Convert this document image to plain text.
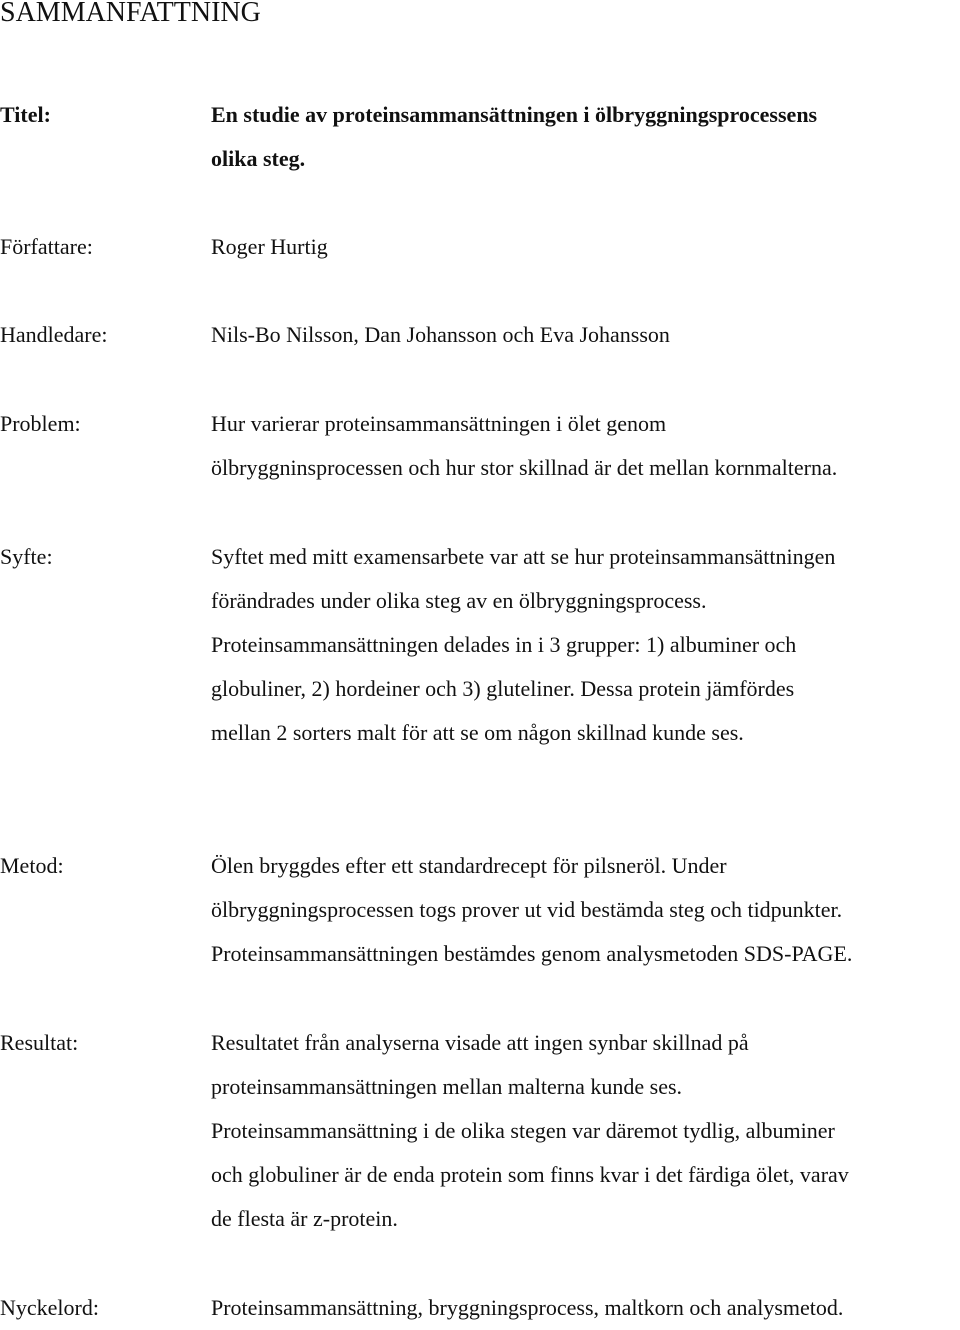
SAMMANFATTNING
Titel:	En studie av proteinsammansättningen i ölbryggningsprocessens
olika steg.
Författare:	Roger Hurtig
Handledare:	Nils-Bo Nilsson, Dan Johansson och Eva Johansson
Problem:	Hur varierar proteinsammansättningen i ölet genom
ölbryggninsprocessen och hur stor skillnad är det mellan kornmalterna.
Syfte:	Syftet med mitt examensarbete var att se hur proteinsammansättningen
förändrades under olika steg av en ölbryggningsprocess.
Proteinsammansättningen delades in i 3 grupper: 1) albuminer och
globuliner, 2) hordeiner och 3) gluteliner. Dessa protein jämfördes
mellan 2 sorters malt för att se om någon skillnad kunde ses.
Metod:	Ölen bryggdes efter ett standardrecept för pilsneröl. Under
ölbryggningsprocessen togs prover ut vid bestämda steg och tidpunkter.
Proteinsammansättningen bestämdes genom analysmetoden SDS-PAGE.
Resultat:	Resultatet från analyserna visade att ingen synbar skillnad på
proteinsammansättningen mellan malterna kunde ses.
Proteinsammansättning i de olika stegen var däremot tydlig, albuminer
och globuliner är de enda protein som finns kvar i det färdiga ölet, varav
de flesta är z-protein.
Nyckelord:	Proteinsammansättning, bryggningsprocess, maltkorn och analysmetod.
